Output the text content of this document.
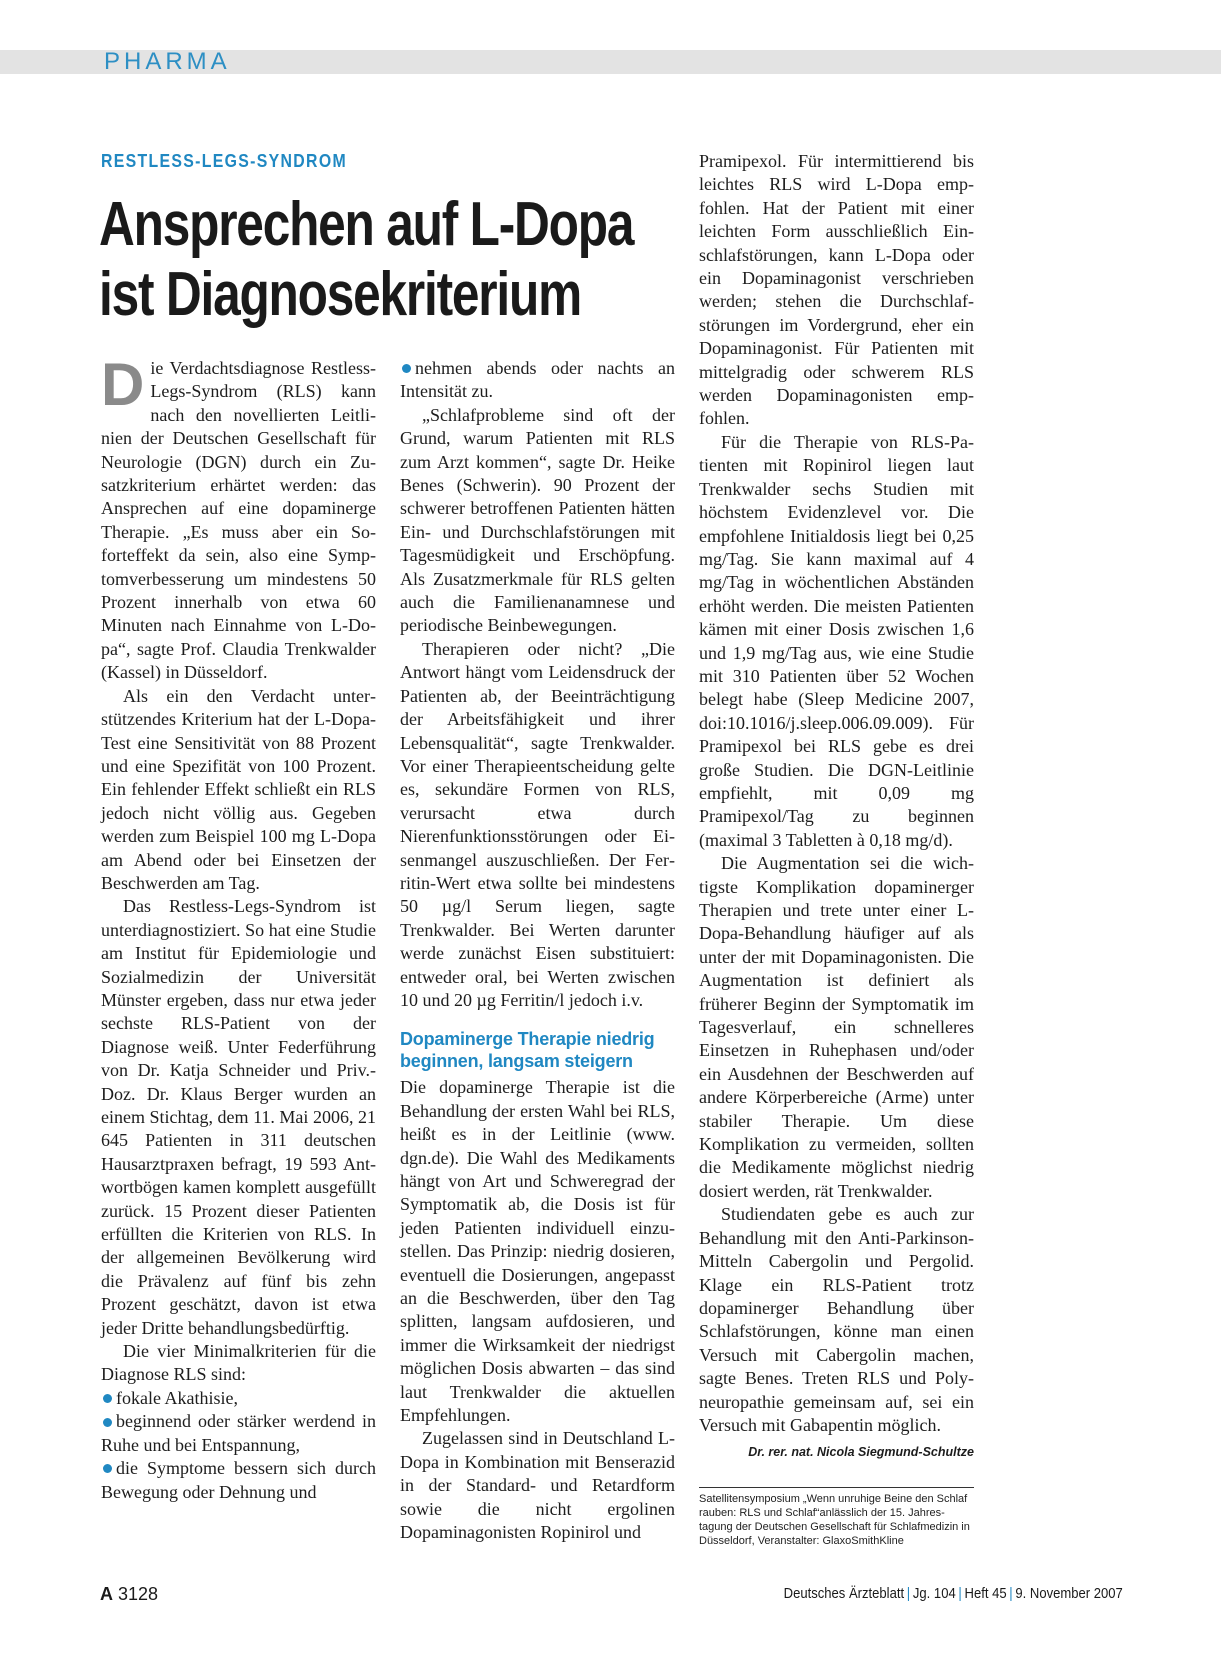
PHARMA
RESTLESS-LEGS-SYNDROM
Ansprechen auf L-Dopa
ist Diagnosekriterium

Die Verdachtsdiagnose Restless-Legs-Syndrom (RLS) kann nach den novellierten Leitlinien der Deutschen Gesellschaft für Neurologie (DGN) durch ein Zusatzkriterium erhärtet werden: das Ansprechen auf eine dopaminerge Therapie. „Es muss aber ein Soforteffekt da sein, also eine Symptomverbesserung um mindestens 50 Prozent innerhalb von etwa 60 Minuten nach Einnahme von L-Dopa“, sagte Prof. Claudia Trenkwalder (Kassel) in Düsseldorf.

Als ein den Verdacht unterstützendes Kriterium hat der L-Dopa-Test eine Sensitivität von 88 Prozent und eine Spezifität von 100 Prozent. Ein fehlender Effekt schließt ein RLS jedoch nicht völlig aus. Gegeben werden zum Beispiel 100 mg L-Dopa am Abend oder bei Einsetzen der Beschwerden am Tag.

Das Restless-Legs-Syndrom ist unterdiagnostiziert. So hat eine Studie am Institut für Epidemiologie und Sozialmedizin der Universität Münster ergeben, dass nur etwa jeder sechste RLS-Patient von der Diagnose weiß. Unter Federführung von Dr. Katja Schneider und Priv.-Doz. Dr. Klaus Berger wurden an einem Stichtag, dem 11. Mai 2006, 21 645 Patienten in 311 deutschen Hausarztpraxen befragt, 19 593 Antwortbögen kamen komplett ausgefüllt zurück. 15 Prozent dieser Patienten erfüllten die Kriterien von RLS. In der allgemeinen Bevölkerung wird die Prävalenz auf fünf bis zehn Prozent geschätzt, davon ist etwa jeder Dritte behandlungsbedürftig.

Die vier Minimalkriterien für die Diagnose RLS sind:

fokale Akathisie,

beginnend oder stärker werdend in Ruhe und bei Entspannung,

die Symptome bessern sich durch Bewegung oder Dehnung und

nehmen abends oder nachts an Intensität zu.

„Schlafprobleme sind oft der Grund, warum Patienten mit RLS zum Arzt kommen“, sagte Dr. Heike Benes (Schwerin). 90 Prozent der schwerer betroffenen Patienten hätten Ein- und Durchschlafstörungen mit Tagesmüdigkeit und Erschöpfung. Als Zusatzmerkmale für RLS gelten auch die Familienanamnese und periodische Beinbewegungen.

Therapieren oder nicht? „Die Antwort hängt vom Leidensdruck der Patienten ab, der Beeinträchtigung der Arbeitsfähigkeit und ihrer Lebensqualität“, sagte Trenkwalder. Vor einer Therapieentscheidung gelte es, sekundäre Formen von RLS, verursacht etwa durch Nierenfunktionsstörungen oder Eisenmangel auszuschließen. Der Ferritin-Wert etwa sollte bei mindestens 50 µg/l Serum liegen, sagte Trenkwalder. Bei Werten darunter werde zunächst Eisen substituiert: entweder oral, bei Werten zwischen 10 und 20 µg Ferritin/l jedoch i.v.

Dopaminerge Therapie niedrig beginnen, langsam steigern

Die dopaminerge Therapie ist die Behandlung der ersten Wahl bei RLS, heißt es in der Leitlinie (www.​dgn.de). Die Wahl des Medikaments hängt von Art und Schweregrad der Symptomatik ab, die Dosis ist für jeden Patienten individuell einzustellen. Das Prinzip: niedrig dosieren, eventuell die Dosierungen, angepasst an die Beschwerden, über den Tag splitten, langsam aufdosieren, und immer die Wirksamkeit der niedrigst möglichen Dosis abwarten – das sind laut Trenkwalder die aktuellen Empfehlungen.

Zugelassen sind in Deutschland L-Dopa in Kombination mit Benserazid in der Standard- und Retardform sowie die nicht ergolinen Dopaminagonisten Ropinirol und

Pramipexol. Für intermittierend bis leichtes RLS wird L-Dopa empfohlen. Hat der Patient mit einer leichten Form ausschließlich Einschlafstörungen, kann L-Dopa oder ein Dopaminagonist verschrieben werden; stehen die Durchschlafstörungen im Vordergrund, eher ein Dopaminagonist. Für Patienten mit mittelgradig oder schwerem RLS werden Dopaminagonisten empfohlen.

Für die Therapie von RLS-Patienten mit Ropinirol liegen laut Trenkwalder sechs Studien mit höchstem Evidenzlevel vor. Die empfohlene Initialdosis liegt bei 0,25 mg/Tag. Sie kann maximal auf 4 mg/Tag in wöchentlichen Abständen erhöht werden. Die meisten Patienten kämen mit einer Dosis zwischen 1,6 und 1,9 mg/Tag aus, wie eine Studie mit 310 Patienten über 52 Wochen belegt habe (Sleep Medicine 2007, doi:10.1016/j.sleep.​006.09.009). Für Pramipexol bei RLS gebe es drei große Studien. Die DGN-Leitlinie empfiehlt, mit 0,09 mg Pramipexol/Tag zu beginnen (maximal 3 Tabletten à 0,18 mg/d).

Die Augmentation sei die wichtigste Komplikation dopaminerger Therapien und trete unter einer L-Dopa-Behandlung häufiger auf als unter der mit Dopaminagonisten. Die Augmentation ist definiert als früherer Beginn der Symptomatik im Tagesverlauf, ein schnelleres Einsetzen in Ruhephasen und/oder ein Ausdehnen der Beschwerden auf andere Körperbereiche (Arme) unter stabiler Therapie. Um diese Komplikation zu vermeiden, sollten die Medikamente möglichst niedrig dosiert werden, rät Trenkwalder.

Studiendaten gebe es auch zur Behandlung mit den Anti-Parkinson-Mitteln Cabergolin und Pergolid. Klage ein RLS-Patient trotz dopaminerger Behandlung über Schlafstörungen, könne man einen Versuch mit Cabergolin machen, sagte Benes. Treten RLS und Polyneuropathie gemeinsam auf, sei ein Versuch mit Gabapentin möglich.

Dr. rer. nat. Nicola Siegmund-Schultze
Satellitensymposium „Wenn unruhige Beine den Schlaf rauben: RLS und Schlaf“anlässlich der 15. Jahrestagung der Deutschen Gesellschaft für Schlafmedizin in Düsseldorf, Veranstalter: GlaxoSmithKline
A 3128	Deutsches Ärzteblatt | Jg. 104 | Heft 45 | 9. November 2007
